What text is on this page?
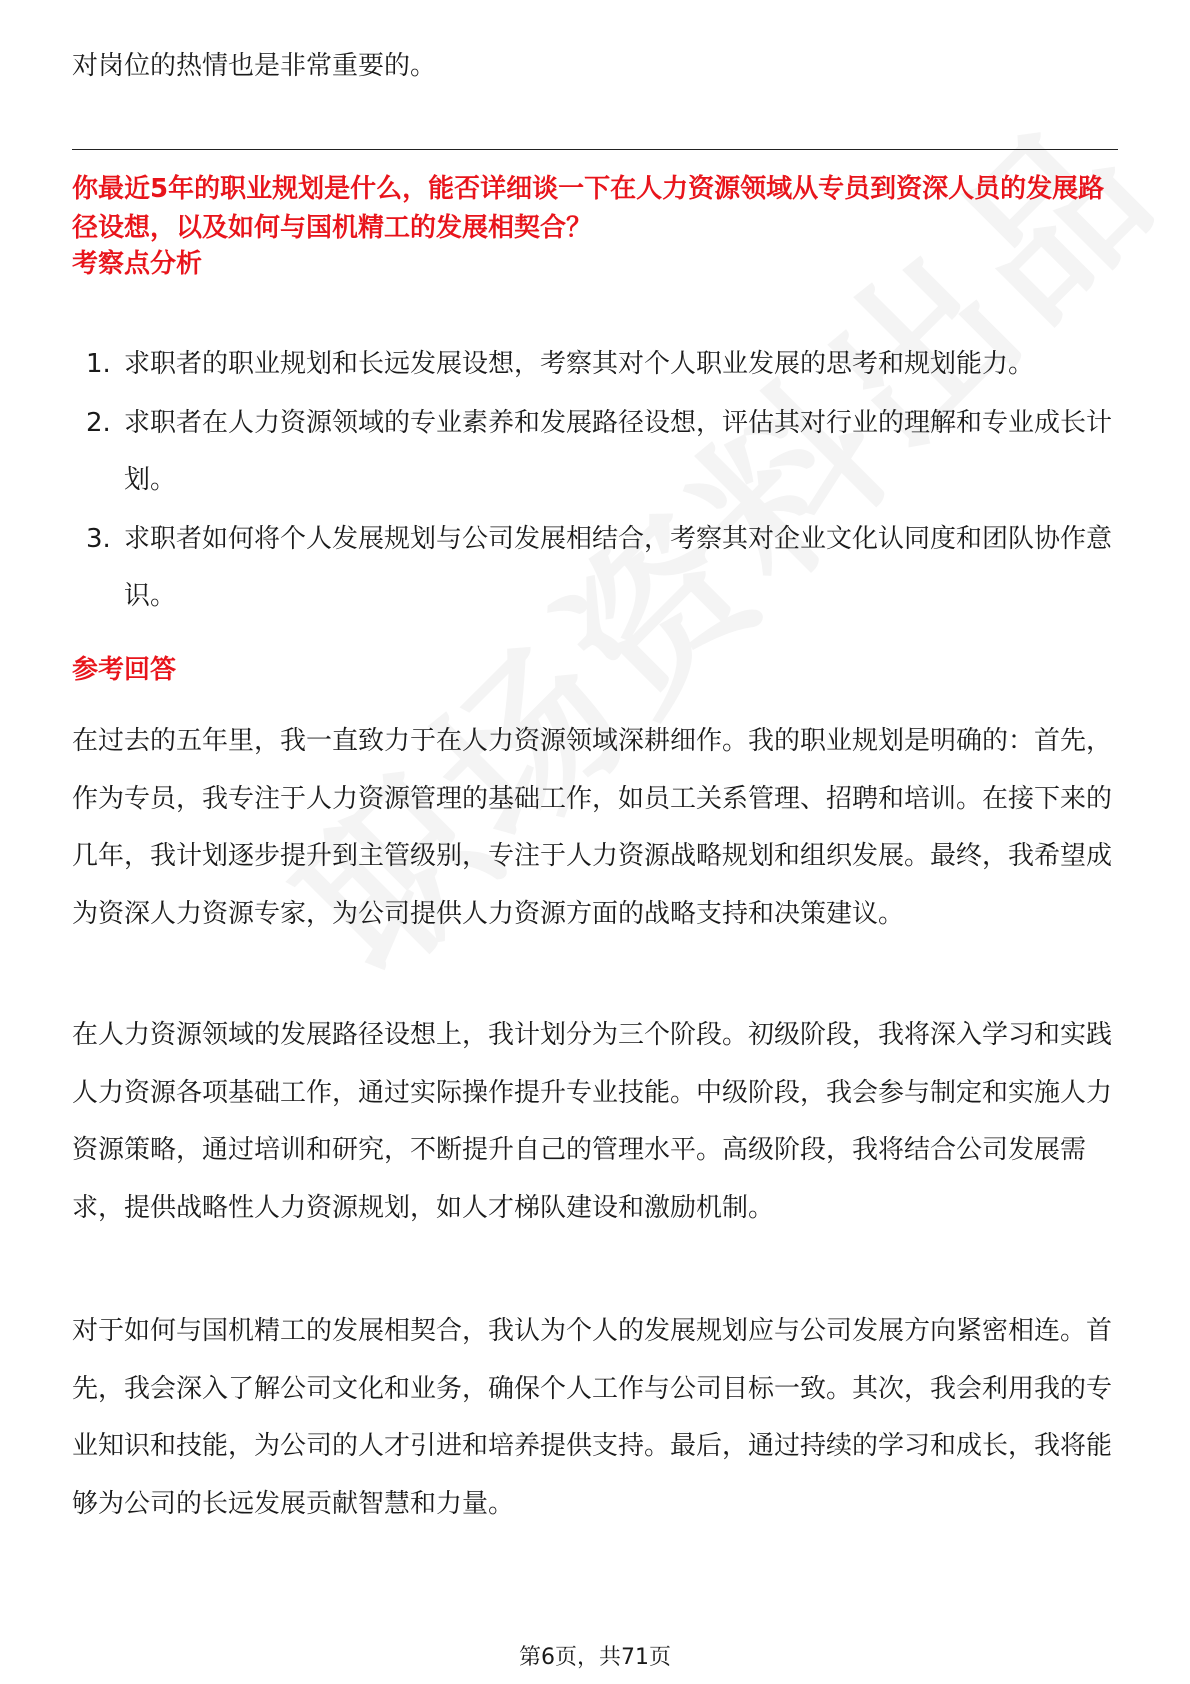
对岗位的热情也是非常重要的。
你最近5年的职业规划是什么，能否详细谈一下在人力资源领域从专员到资深人员的发展路径设想，以及如何与国机精工的发展相契合？
考察点分析
1. 求职者的职业规划和长远发展设想，考察其对个人职业发展的思考和规划能力。
2. 求职者在人力资源领域的专业素养和发展路径设想，评估其对行业的理解和专业成长计划。
3. 求职者如何将个人发展规划与公司发展相结合，考察其对企业文化认同度和团队协作意识。
参考回答

在过去的五年里，我一直致力于在人力资源领域深耕细作。我的职业规划是明确的：首先，作为专员，我专注于人力资源管理的基础工作，如员工关系管理、招聘和培训。在接下来的几年，我计划逐步提升到主管级别，专注于人力资源战略规划和组织发展。最终，我希望成为资深人力资源专家，为公司提供人力资源方面的战略支持和决策建议。

在人力资源领域的发展路径设想上，我计划分为三个阶段。初级阶段，我将深入学习和实践人力资源各项基础工作，通过实际操作提升专业技能。中级阶段，我会参与制定和实施人力资源策略，通过培训和研究，不断提升自己的管理水平。高级阶段，我将结合公司发展需求，提供战略性人力资源规划，如人才梯队建设和激励机制。

对于如何与国机精工的发展相契合，我认为个人的发展规划应与公司发展方向紧密相连。首先，我会深入了解公司文化和业务，确保个人工作与公司目标一致。其次，我会利用我的专业知识和技能，为公司的人才引进和培养提供支持。最后，通过持续的学习和成长，我将能够为公司的长远发展贡献智慧和力量。

第6页，共71页
